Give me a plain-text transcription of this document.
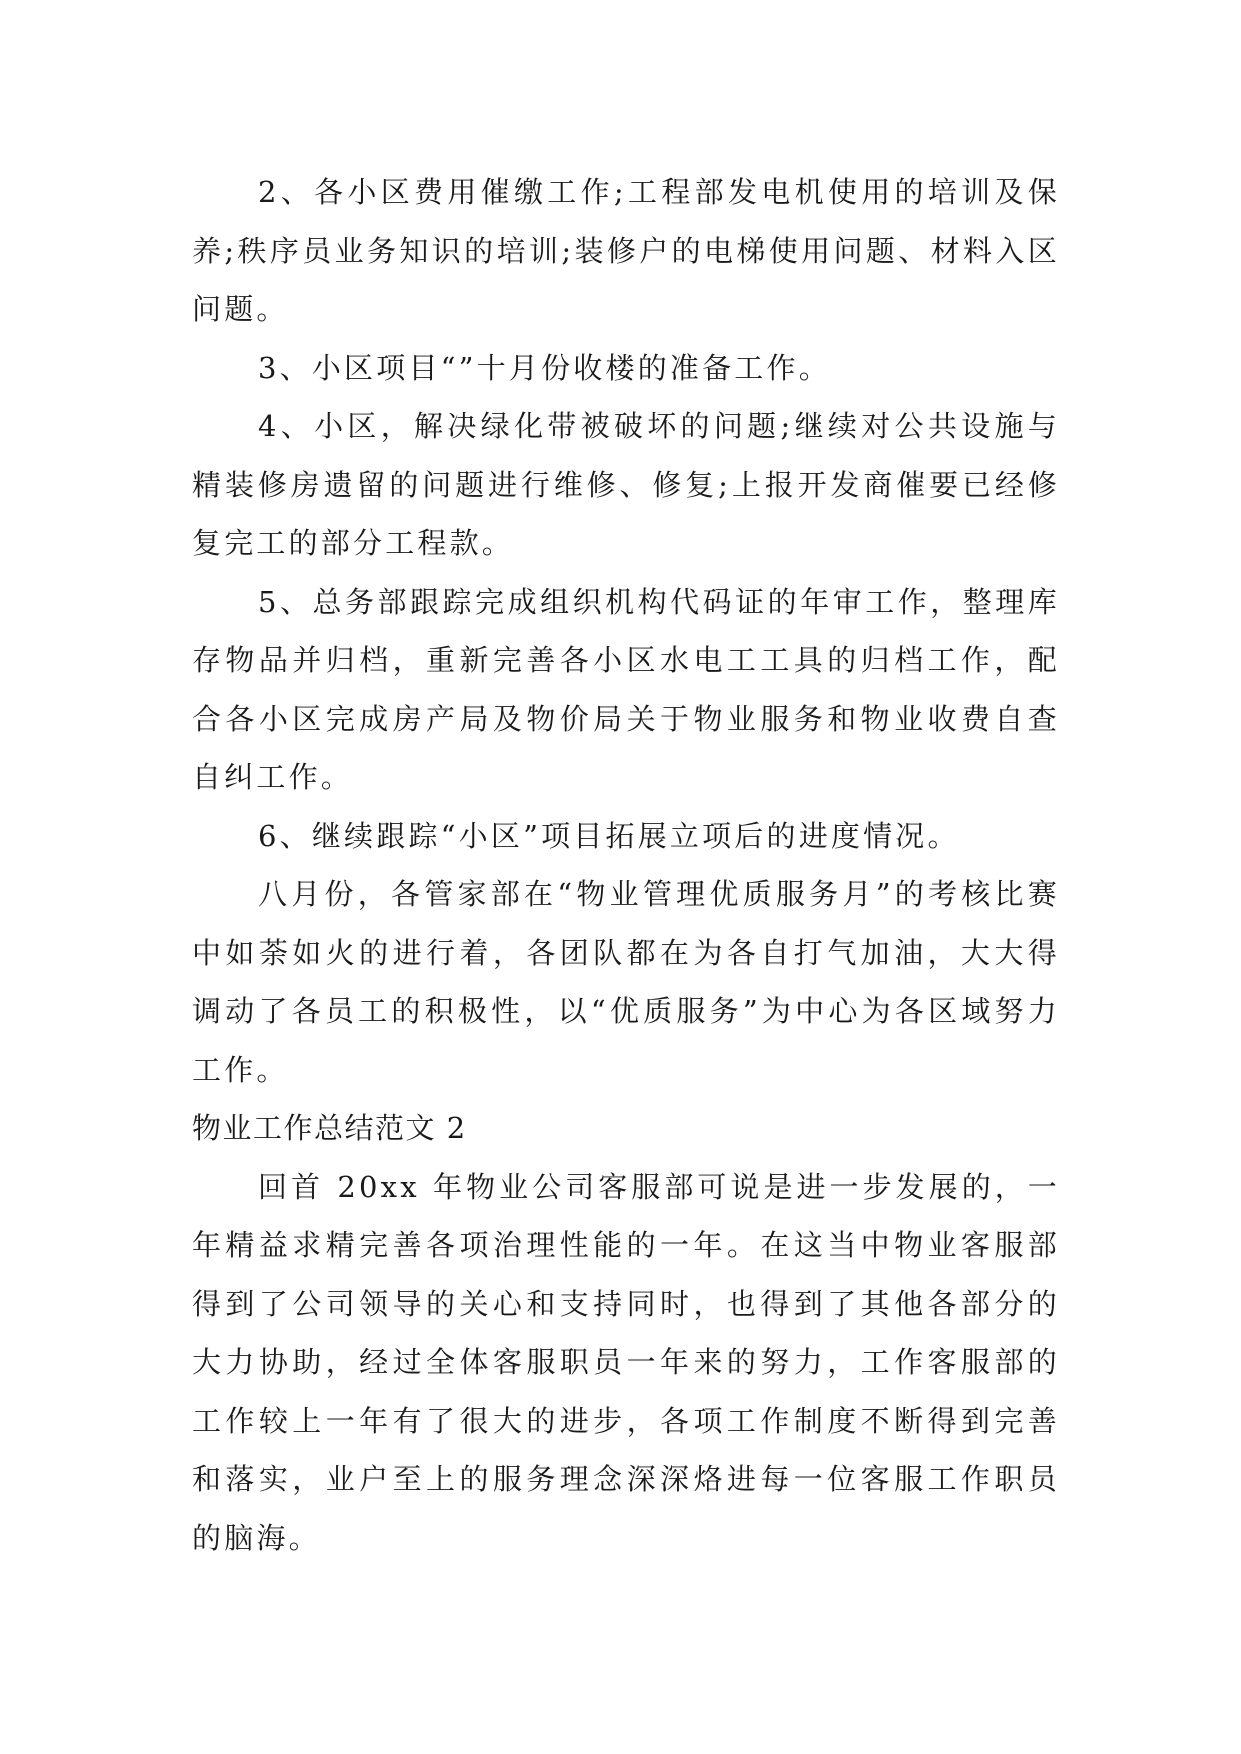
2、各小区费用催缴工作;工程部发电机使用的培训及保养;秩序员业务知识的培训;装修户的电梯使用问题、材料入区问题。

3、小区项目“”十月份收楼的准备工作。

4、小区，解决绿化带被破坏的问题;继续对公共设施与精装修房遗留的问题进行维修、修复;上报开发商催要已经修复完工的部分工程款。

5、总务部跟踪完成组织机构代码证的年审工作，整理库存物品并归档，重新完善各小区水电工工具的归档工作，配合各小区完成房产局及物价局关于物业服务和物业收费自查自纠工作。

6、继续跟踪“小区”项目拓展立项后的进度情况。

八月份，各管家部在“物业管理优质服务月”的考核比赛中如荼如火的进行着，各团队都在为各自打气加油，大大得调动了各员工的积极性，以“优质服务”为中心为各区域努力工作。

物业工作总结范文 2

回首 20xx 年物业公司客服部可说是进一步发展的，一年精益求精完善各项治理性能的一年。在这当中物业客服部得到了公司领导的关心和支持同时，也得到了其他各部分的大力协助，经过全体客服职员一年来的努力，工作客服部的工作较上一年有了很大的进步，各项工作制度不断得到完善和落实，业户至上的服务理念深深烙进每一位客服工作职员的脑海。
